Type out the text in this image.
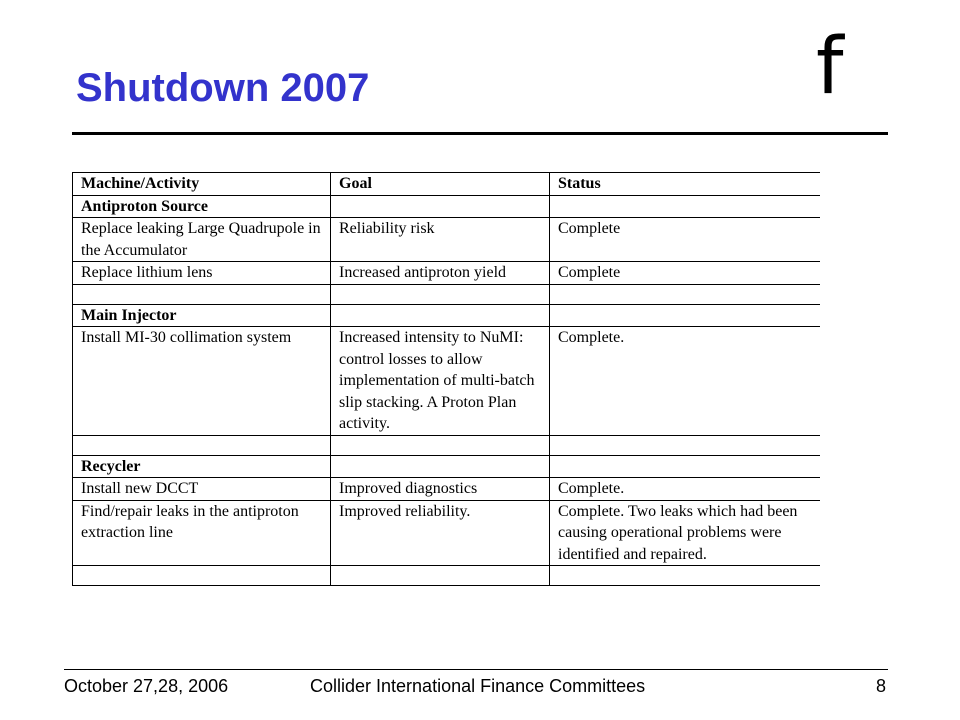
Shutdown 2007	f
Machine/Activity	Goal	Status
Antiproton Source		
Replace leaking Large Quadrupole in the Accumulator	Reliability risk	Complete
Replace lithium lens	Increased antiproton yield	Complete

Main Injector		
Install MI-30 collimation system	Increased intensity to NuMI: control losses to allow implementation of multi-batch slip stacking. A Proton Plan activity.	Complete.

Recycler		
Install new DCCT	Improved diagnostics	Complete.
Find/repair leaks in the antiproton extraction line	Improved reliability.	Complete. Two leaks which had been causing operational problems were identified and repaired.

October 27,28, 2006	Collider International Finance Committees	8
